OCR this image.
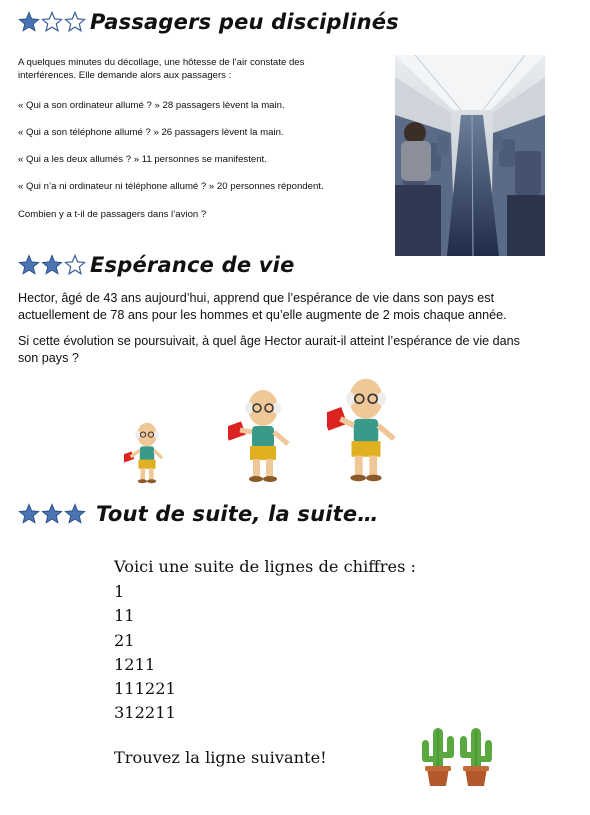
Passagers peu disciplinés
A quelques minutes du décollage, une hôtesse de l’air constate des
interférences. Elle demande alors aux passagers :
« Qui a son ordinateur allumé ? » 28 passagers lèvent la main.
« Qui a son téléphone allumé ? » 26 passagers lèvent la main.
« Qui a les deux allumés ? » 11 personnes se manifestent.
« Qui n’a ni ordinateur ni téléphone allumé ? » 20 personnes répondent.
Combien y a t-il de passagers dans l’avion ?
Espérance de vie
Hector, âgé de 43 ans aujourd’hui, apprend que l’espérance de vie dans son pays est
actuellement de 78 ans pour les hommes et qu’elle augmente de 2 mois chaque année.
Si cette évolution se poursuivait, à quel âge Hector aurait-il atteint l’espérance de vie dans
son pays ?
Tout de suite, la suite…
Voici une suite de lignes de chiffres :
1
11
21
1211
111221
312211
Trouvez la ligne suivante!
